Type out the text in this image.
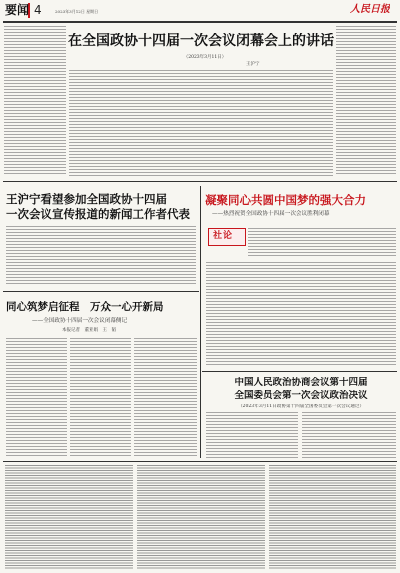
要闻 4	2023年3月12日 星期日	人民日报
在全国政协十四届一次会议闭幕会上的讲话
（2023年3月11日）
王沪宁
王沪宁看望参加全国政协十四届
一次会议宣传报道的新闻工作者代表
凝聚同心共圆中国梦的强大合力
——热烈祝贺全国政协十四届一次会议胜利闭幕
社论
同心筑梦启征程　万众一心开新局
——全国政协十四届一次会议闭幕侧记
本报记者　董亚娟　王　韬
中国人民政治协商会议第十四届
全国委员会第一次会议政治决议
（2023年3月11日政协第十四届全国委员会第一次会议通过）
